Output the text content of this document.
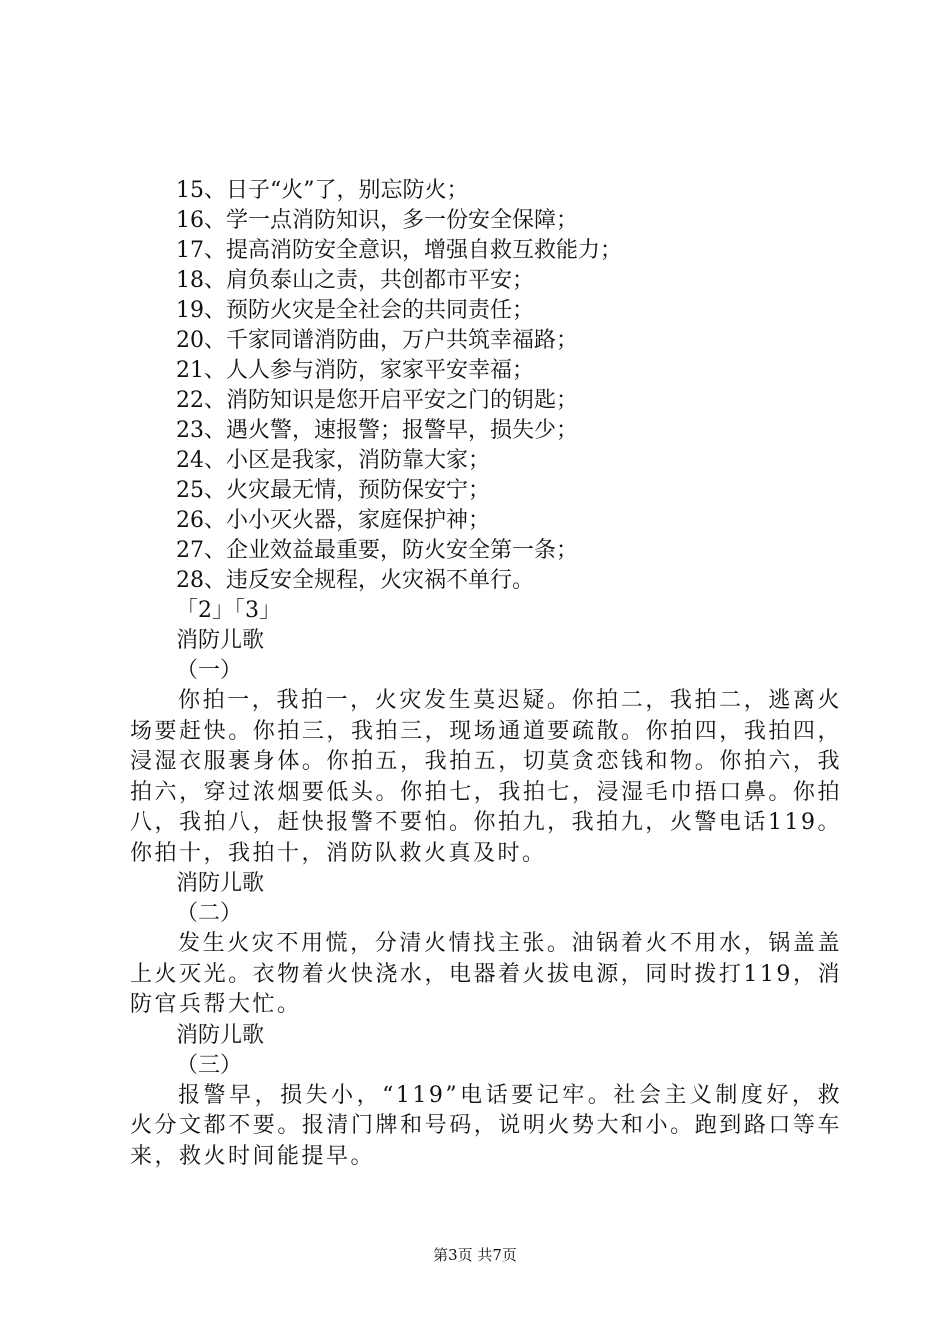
15、日子“火”了，别忘防火；
16、学一点消防知识，多一份安全保障；
17、提高消防安全意识，增强自救互救能力；
18、肩负泰山之责，共创都市平安；
19、预防火灾是全社会的共同责任；
20、千家同谱消防曲，万户共筑幸福路；
21、人人参与消防，家家平安幸福；
22、消防知识是您开启平安之门的钥匙；
23、遇火警，速报警；报警早，损失少；
24、小区是我家，消防靠大家；
25、火灾最无情，预防保安宁；
26、小小灭火器，家庭保护神；
27、企业效益最重要，防火安全第一条；
28、违反安全规程，火灾祸不单行。
「2」「3」
消防儿歌
（一）

你拍一，我拍一，火灾发生莫迟疑。你拍二，我拍二，逃离火场要赶快。你拍三，我拍三，现场通道要疏散。你拍四，我拍四，浸湿衣服裹身体。你拍五，我拍五，切莫贪恋钱和物。你拍六，我拍六，穿过浓烟要低头。你拍七，我拍七，浸湿毛巾捂口鼻。你拍八，我拍八，赶快报警不要怕。你拍九，我拍九，火警电话119。你拍十，我拍十，消防队救火真及时。

消防儿歌
（二）

发生火灾不用慌，分清火情找主张。油锅着火不用水，锅盖盖上火灭光。衣物着火快浇水，电器着火拔电源，同时拨打119，消防官兵帮大忙。

消防儿歌
（三）

报警早，损失小，“119”电话要记牢。社会主义制度好，救火分文都不要。报清门牌和号码，说明火势大和小。跑到路口等车来，救火时间能提早。

第3页 共7页
